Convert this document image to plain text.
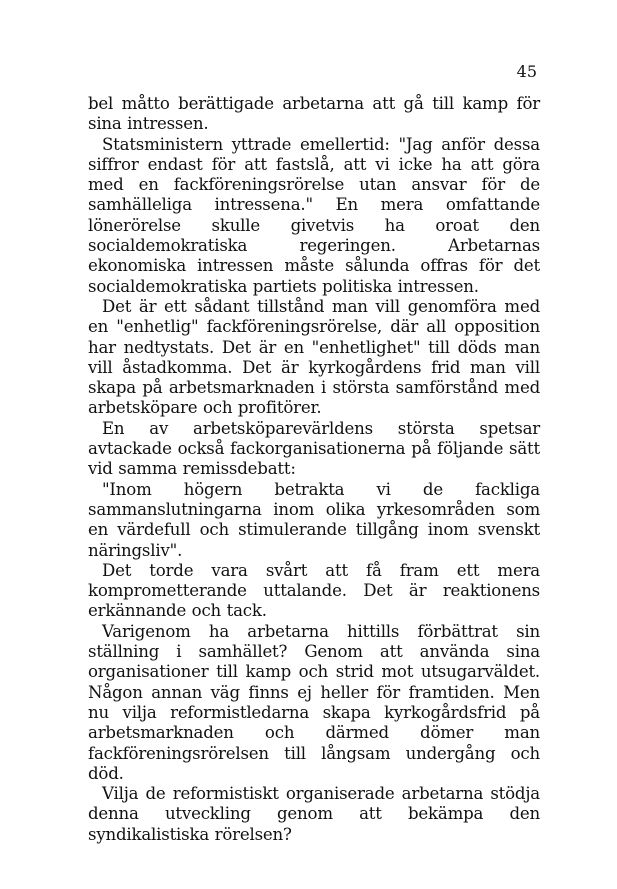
45

bel måtto berättigade arbetarna att gå till kamp för sina intressen.

Statsministern yttrade emellertid: "Jag anför dessa siffror endast för att fastslå, att vi icke ha att göra med en fackföreningsrörelse utan ansvar för de samhälleliga intressena." En mera omfattande lönerörelse skulle givetvis ha oroat den socialdemokratiska regeringen. Arbetarnas ekonomiska intressen måste sålunda offras för det socialdemokratiska partiets politiska intressen.

Det är ett sådant tillstånd man vill genomföra med en "enhetlig" fackföreningsrörelse, där all opposition har nedtystats. Det är en "enhetlighet" till döds man vill åstadkomma. Det är kyrkogårdens frid man vill skapa på arbetsmarknaden i största samförstånd med arbetsköpare och profitörer.

En av arbetsköparevärldens största spetsar avtackade också fackorganisationerna på följande sätt vid samma remissdebatt:

"Inom högern betrakta vi de fackliga sammanslutningarna inom olika yrkesområden som en värdefull och stimulerande tillgång inom svenskt näringsliv".

Det torde vara svårt att få fram ett mera komprometterande uttalande. Det är reaktionens erkännande och tack.

Varigenom ha arbetarna hittills förbättrat sin ställning i samhället? Genom att använda sina organisationer till kamp och strid mot utsugarväldet. Någon annan väg finns ej heller för framtiden. Men nu vilja reformistledarna skapa kyrkogårdsfrid på arbetsmarknaden och därmed dömer man fackföreningsrörelsen till långsam undergång och död.

Vilja de reformistiskt organiserade arbetarna stödja denna utveckling genom att bekämpa den syndikalistiska rörelsen?
